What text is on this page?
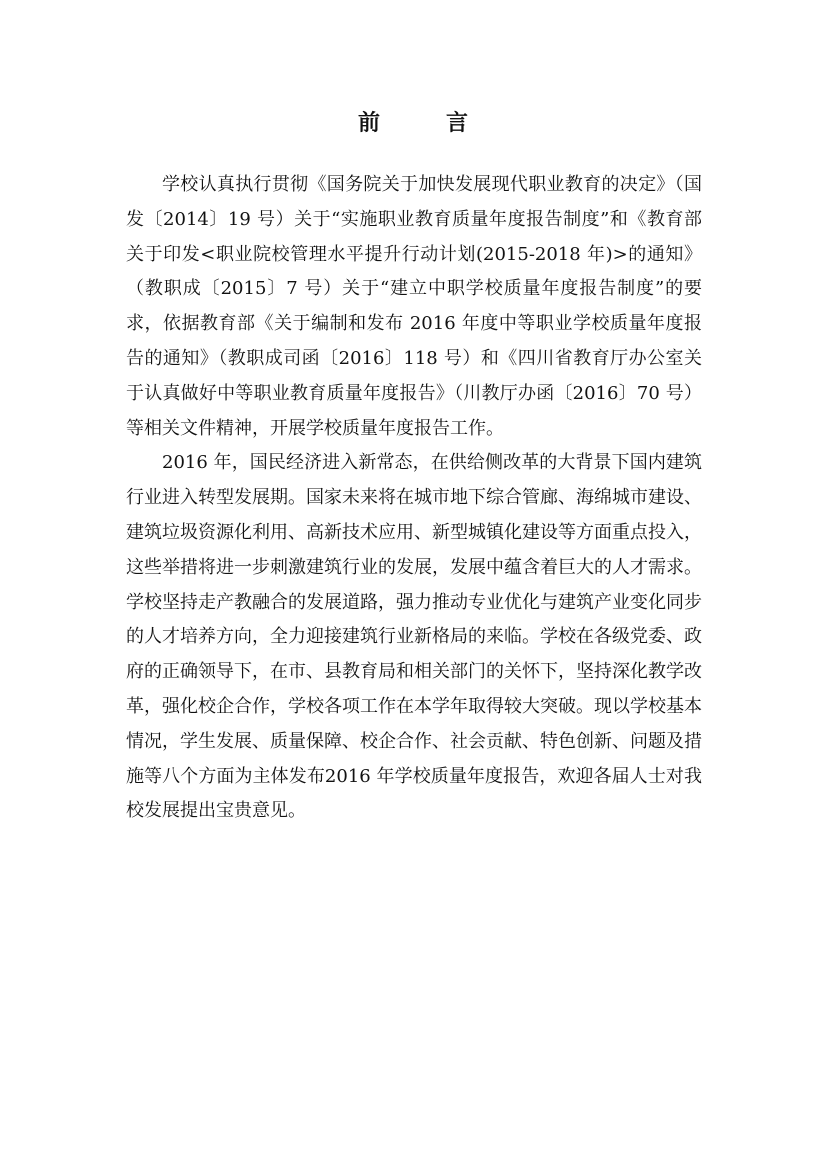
前　言

学校认真执行贯彻《国务院关于加快发展现代职业教育的决定》（国发〔2014〕19 号）关于“实施职业教育质量年度报告制度”和《教育部关于印发<职业院校管理水平提升行动计划(2015-2018 年)>的通知》（教职成〔2015〕7 号）关于“建立中职学校质量年度报告制度”的要求，依据教育部《关于编制和发布 2016 年度中等职业学校质量年度报告的通知》（教职成司函〔2016〕118 号）和《四川省教育厅办公室关于认真做好中等职业教育质量年度报告》（川教厅办函〔2016〕70 号）等相关文件精神，开展学校质量年度报告工作。

2016 年，国民经济进入新常态，在供给侧改革的大背景下国内建筑行业进入转型发展期。国家未来将在城市地下综合管廊、海绵城市建设、建筑垃圾资源化利用、高新技术应用、新型城镇化建设等方面重点投入，这些举措将进一步刺激建筑行业的发展，发展中蕴含着巨大的人才需求。学校坚持走产教融合的发展道路，强力推动专业优化与建筑产业变化同步的人才培养方向，全力迎接建筑行业新格局的来临。学校在各级党委、政府的正确领导下，在市、县教育局和相关部门的关怀下，坚持深化教学改革，强化校企合作，学校各项工作在本学年取得较大突破。现以学校基本情况，学生发展、质量保障、校企合作、社会贡献、特色创新、问题及措施等八个方面为主体发布2016 年学校质量年度报告，欢迎各届人士对我校发展提出宝贵意见。
